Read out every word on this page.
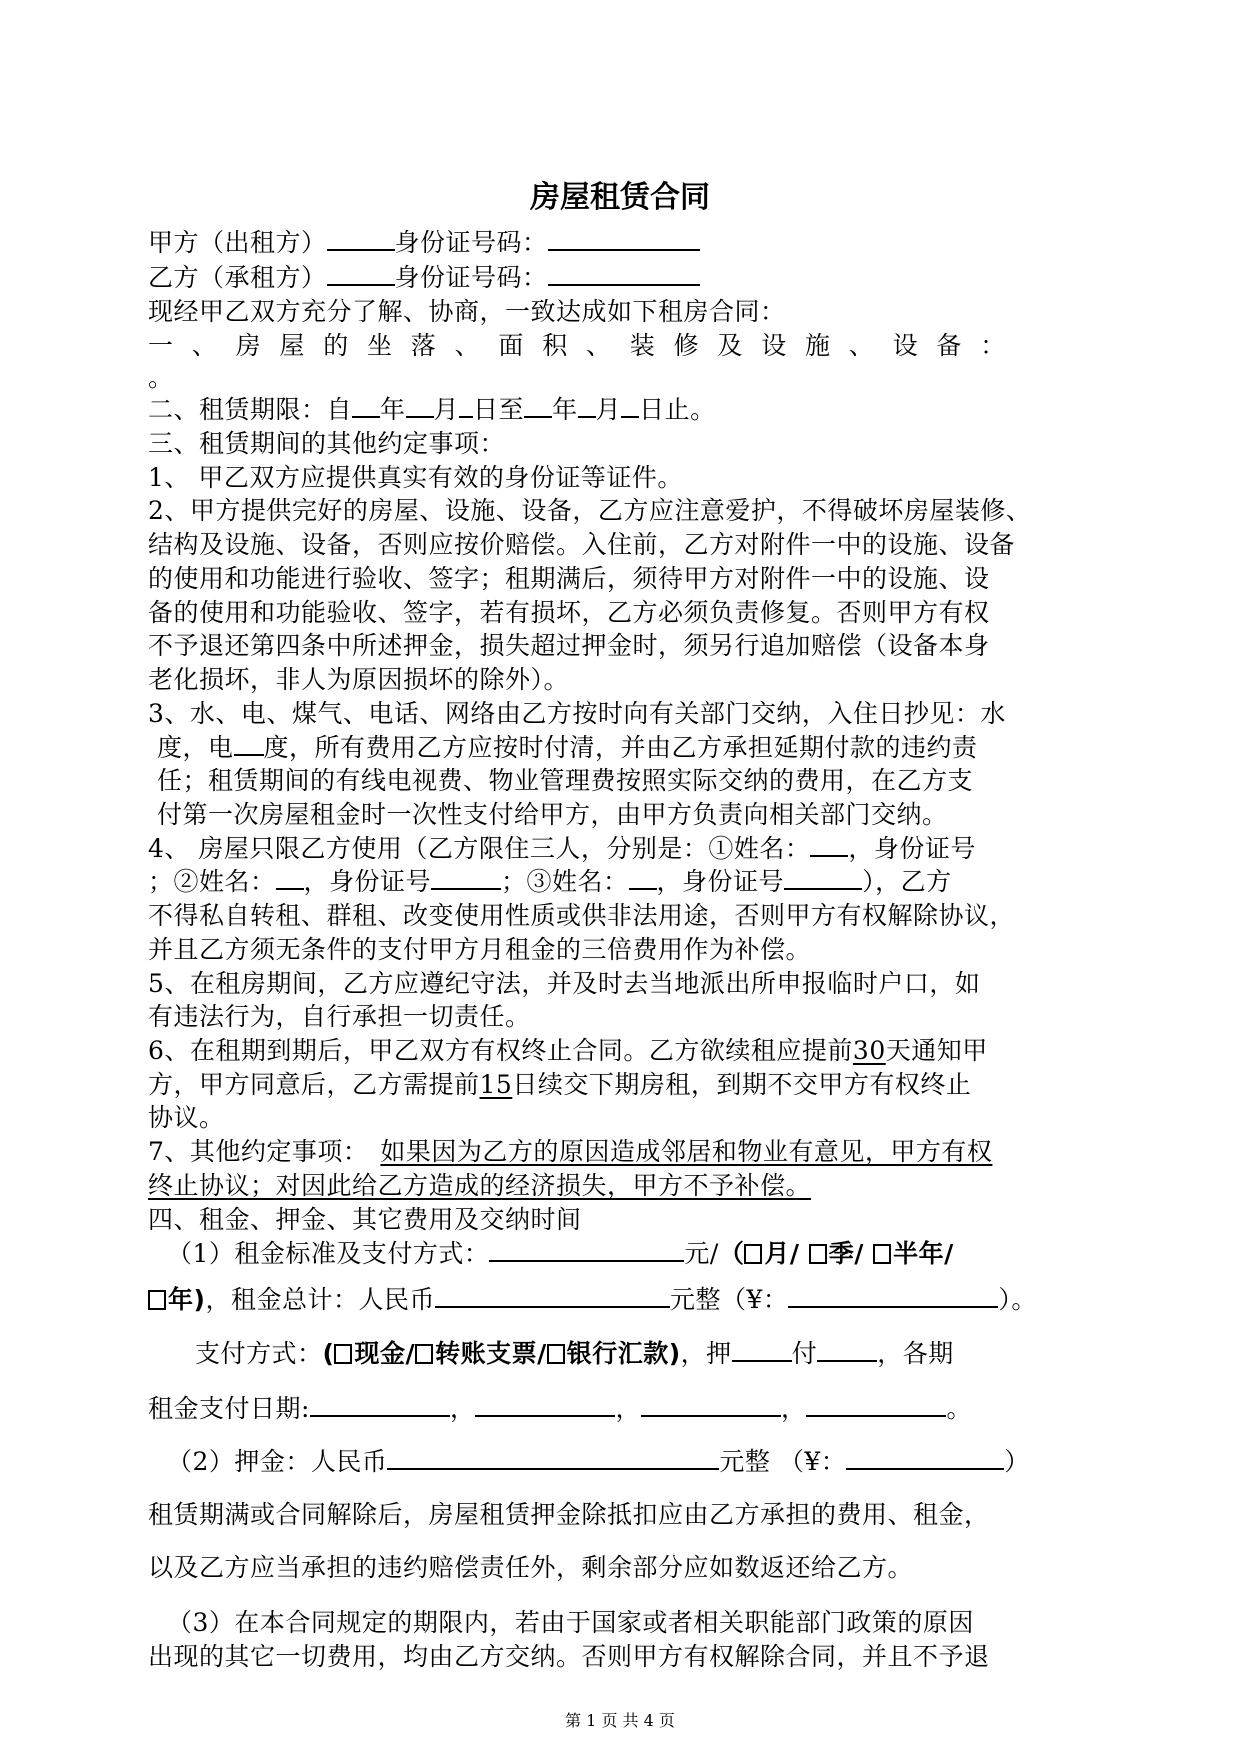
房屋租赁合同
甲方（出租方）	身份证号码：
乙方（承租方）	身份证号码：
现经甲乙双方充分了解、协商，一致达成如下租房合同：
一、房屋的坐落、面积、装修及设施、设备：
。
二、租赁期限：自 年 月 日至 年 月 日止。
三、租赁期间的其他约定事项：
1、 甲乙双方应提供真实有效的身份证等证件。
2、甲方提供完好的房屋、设施、设备，乙方应注意爱护，不得破坏房屋装修、
结构及设施、设备，否则应按价赔偿。入住前，乙方对附件一中的设施、设备
的使用和功能进行验收、签字；租期满后，须待甲方对附件一中的设施、设
备的使用和功能验收、签字，若有损坏，乙方必须负责修复。否则甲方有权
不予退还第四条中所述押金，损失超过押金时，须另行追加赔偿（设备本身
老化损坏，非人为原因损坏的除外）。
3、水、电、煤气、电话、网络由乙方按时向有关部门交纳，入住日抄见：水
度，电 度，所有费用乙方应按时付清，并由乙方承担延期付款的违约责
任；租赁期间的有线电视费、物业管理费按照实际交纳的费用，在乙方支
付第一次房屋租金时一次性支付给甲方，由甲方负责向相关部门交纳。
4、 房屋只限乙方使用（乙方限住三人，分别是：①姓名： ，身份证号
；②姓名： ，身份证号	；③姓名： ，身份证号	），乙方
不得私自转租、群租、改变使用性质或供非法用途，否则甲方有权解除协议，
并且乙方须无条件的支付甲方月租金的三倍费用作为补偿。
5、在租房期间，乙方应遵纪守法，并及时去当地派出所申报临时户口，如
有违法行为，自行承担一切责任。
6、在租期到期后，甲乙双方有权终止合同。乙方欲续租应提前30天通知甲
方，甲方同意后，乙方需提前15日续交下期房租，到期不交甲方有权终止
协议。
7、其他约定事项： 如果因为乙方的原因造成邻居和物业有意见，甲方有权
终止协议；对因此给乙方造成的经济损失，甲方不予补偿。
四、租金、押金、其它费用及交纳时间
（1）租金标准及支付方式：	元/（ 月/ 季/ 半年/
年)，租金总计：人民币	元整（¥：	）。
支付方式：( 现金/ 转账支票/ 银行汇款)，押 付 ，各期
租金支付日期:	，	，	，	。
（2）押金：人民币	元整 （¥：	）
租赁期满或合同解除后，房屋租赁押金除抵扣应由乙方承担的费用、租金，
以及乙方应当承担的违约赔偿责任外，剩余部分应如数返还给乙方。
（3）在本合同规定的期限内，若由于国家或者相关职能部门政策的原因
第 1 页 共 4 页
出现的其它一切费用，均由乙方交纳。否则甲方有权解除合同，并且不予退
